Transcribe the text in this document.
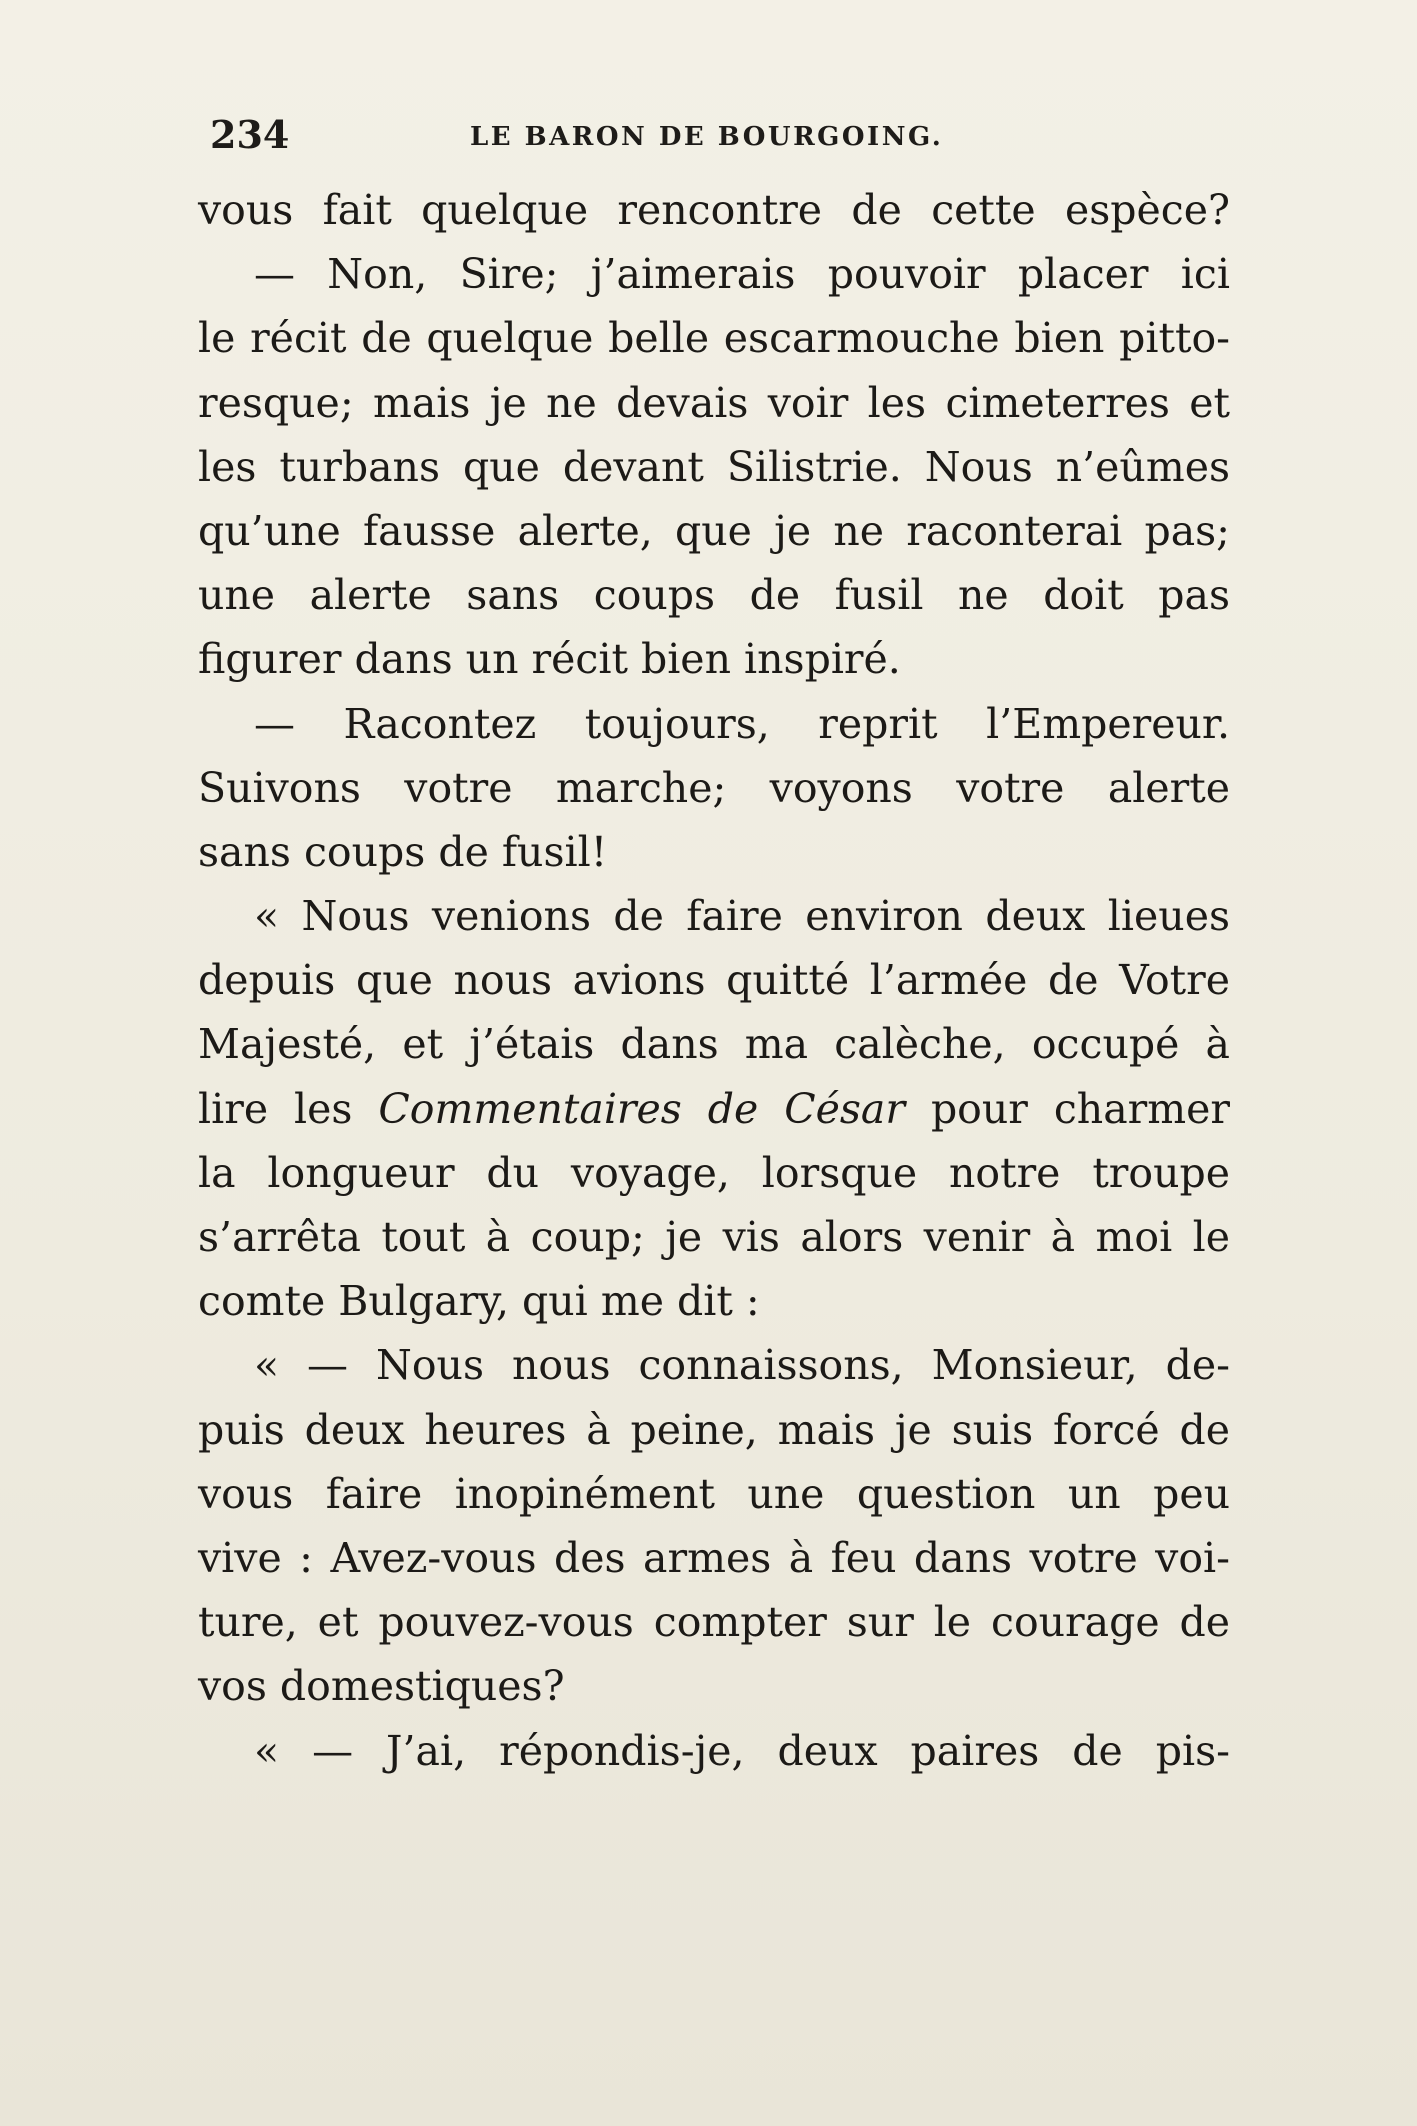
234	LE BARON DE BOURGOING.
vous fait quelque rencontre de cette espèce?
— Non, Sire; j’aimerais pouvoir placer ici
le récit de quelque belle escarmouche bien pitto-
resque; mais je ne devais voir les cimeterres et
les turbans que devant Silistrie. Nous n’eûmes
qu’une fausse alerte, que je ne raconterai pas;
une alerte sans coups de fusil ne doit pas
figurer dans un récit bien inspiré.
— Racontez toujours, reprit l’Empereur.
Suivons votre marche; voyons votre alerte
sans coups de fusil!
« Nous venions de faire environ deux lieues
depuis que nous avions quitté l’armée de Votre
Majesté, et j’étais dans ma calèche, occupé à
lire les Commentaires de César pour charmer
la longueur du voyage, lorsque notre troupe
s’arrêta tout à coup; je vis alors venir à moi le
comte Bulgary, qui me dit :
« — Nous nous connaissons, Monsieur, de-
puis deux heures à peine, mais je suis forcé de
vous faire inopinément une question un peu
vive : Avez-vous des armes à feu dans votre voi-
ture, et pouvez-vous compter sur le courage de
vos domestiques?
« — J’ai, répondis-je, deux paires de pis-
